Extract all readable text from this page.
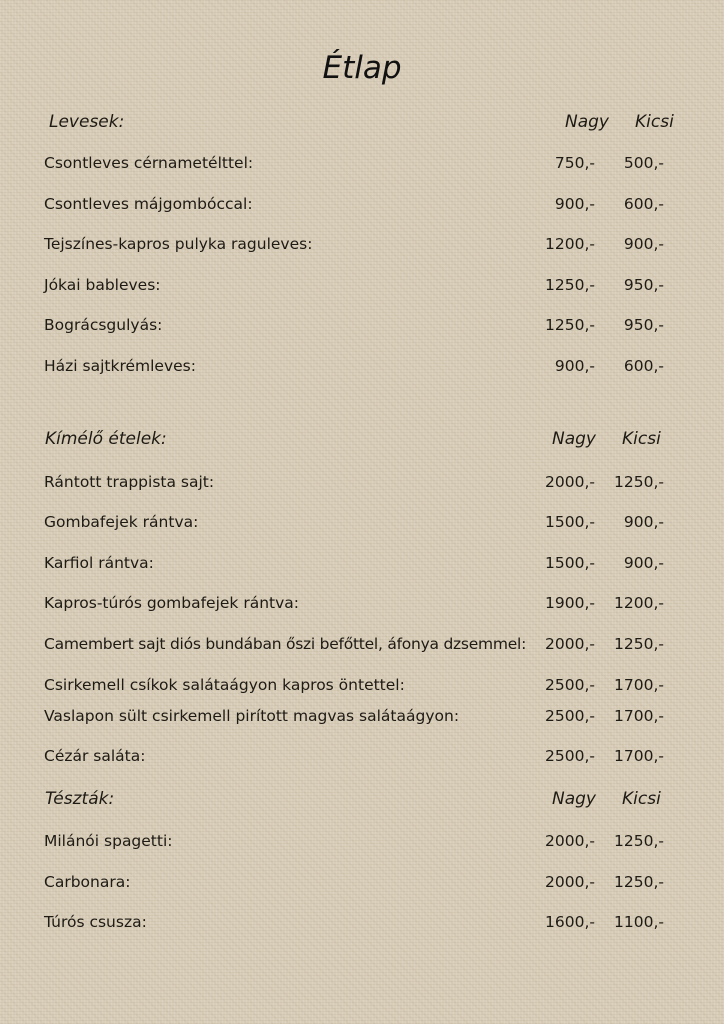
Étlap
Levesek:	Nagy Kicsi
Csontleves cérnametélttel:	750,-	500,-
Csontleves májgombóccal:	900,-	600,-
Tejszínes-kapros pulyka raguleves:	1200,-	900,-
Jókai bableves:	1250,-	950,-
Bográcsgulyás:	1250,-	950,-
Házi sajtkrémleves:	900,-	600,-
Kímélő ételek:	Nagy Kicsi
Rántott trappista sajt:	2000,-	1250,-
Gombafejek rántva:	1500,-	900,-
Karfiol rántva:	1500,-	900,-
Kapros-túrós gombafejek rántva:	1900,-	1200,-
Camembert sajt diós bundában őszi befőttel, áfonya dzsemmel:	2000,-	1250,-
Csirkemell csíkok salátaágyon kapros öntettel:	2500,-	1700,-
Vaslapon sült csirkemell pirított magvas salátaágyon:	2500,-	1700,-
Cézár saláta:	2500,-	1700,-
Tészták:	Nagy Kicsi
Milánói spagetti:	2000,-	1250,-
Carbonara:	2000,-	1250,-
Túrós csusza:	1600,-	1100,-
